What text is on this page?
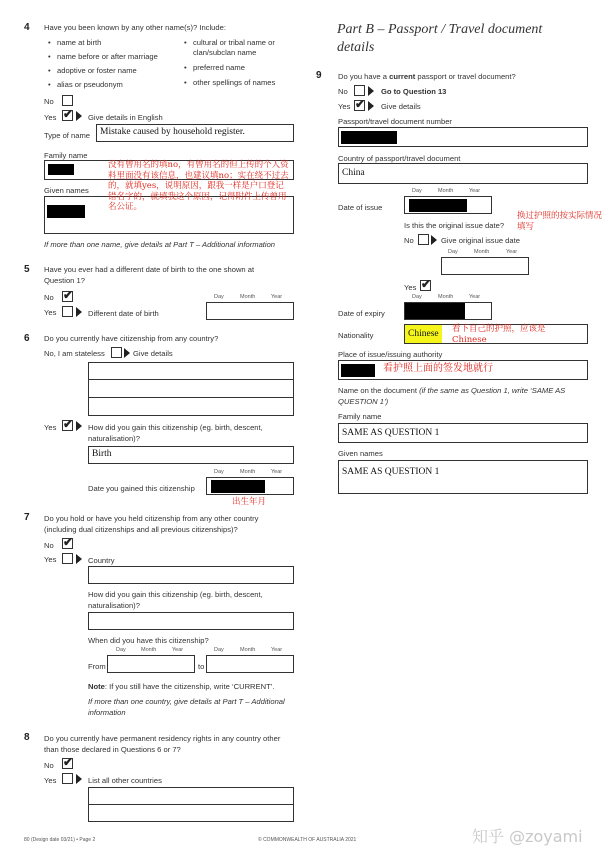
4 Have you been known by any other name(s)? Include:
• name at birth
• name before or after marriage
• adoptive or foster name
• alias or pseudonym
• cultural or tribal name or
clan/subclan name
• preferred name
• other spellings of names
No
Yes ✔ Give details in English
Type of name Mistake caused by household register.
Family name
Given names
没有曾用名的填no，有曾用名的但上传的个人资料里面没有该信息，也建议填no；实在绕不过去的，就填yes，说明原因，跟我一样是户口登记错名字的，就填我这个原因，记得附件上传曾用名公证。
If more than one name, give details at Part T – Additional information
5 Have you ever had a different date of birth to the one shown at
Question 1?
No ✔
Yes	Different date of birth
Day	Month	Year
6 Do you currently have citizenship from any country?
No, I am stateless	Give details
Yes ✔ How did you gain this citizenship (eg. birth, descent,
naturalisation)?
Birth
Day	Month	Year
Date you gained this citizenship
出生年月
7 Do you hold or have you held citizenship from any other country
(including dual citizenships and all previous citizenships)?
No ✔
Yes	Country
How did you gain this citizenship (eg. birth, descent,
naturalisation)?
When did you have this citizenship?
Day	Month	Year	Day	Month	Year
From	to
Note: If you still have the citizenship, write ‘CURRENT’.
If more than one country, give details at Part T – Additional
information
8 Do you currently have permanent residency rights in any country other
than those declared in Questions 6 or 7?
No ✔
Yes	List all other countries
Part B – Passport / Travel document
details
9 Do you have a current passport or travel document?
No	Go to Question 13
Yes ✔ Give details
Passport/travel document number
Country of passport/travel document
China
Day	Month	Year
Date of issue
换过护照的按实际情况填写
Is this the original issue date?
No	Give original issue date
Day	Month	Year
Yes ✔
Day	Month	Year
Date of expiry
Nationality	Chinese	看下自己的护照，应该是
Chinese
Place of issue/issuing authority
看护照上面的签发地就行
Name on the document (if the same as Question 1, write ‘SAME AS
QUESTION 1’)
Family name
SAME AS QUESTION 1
Given names
SAME AS QUESTION 1
80 (Design date 03/21) • Page 2	© COMMONWEALTH OF AUSTRALIA 2021	知乎 @zoyami
